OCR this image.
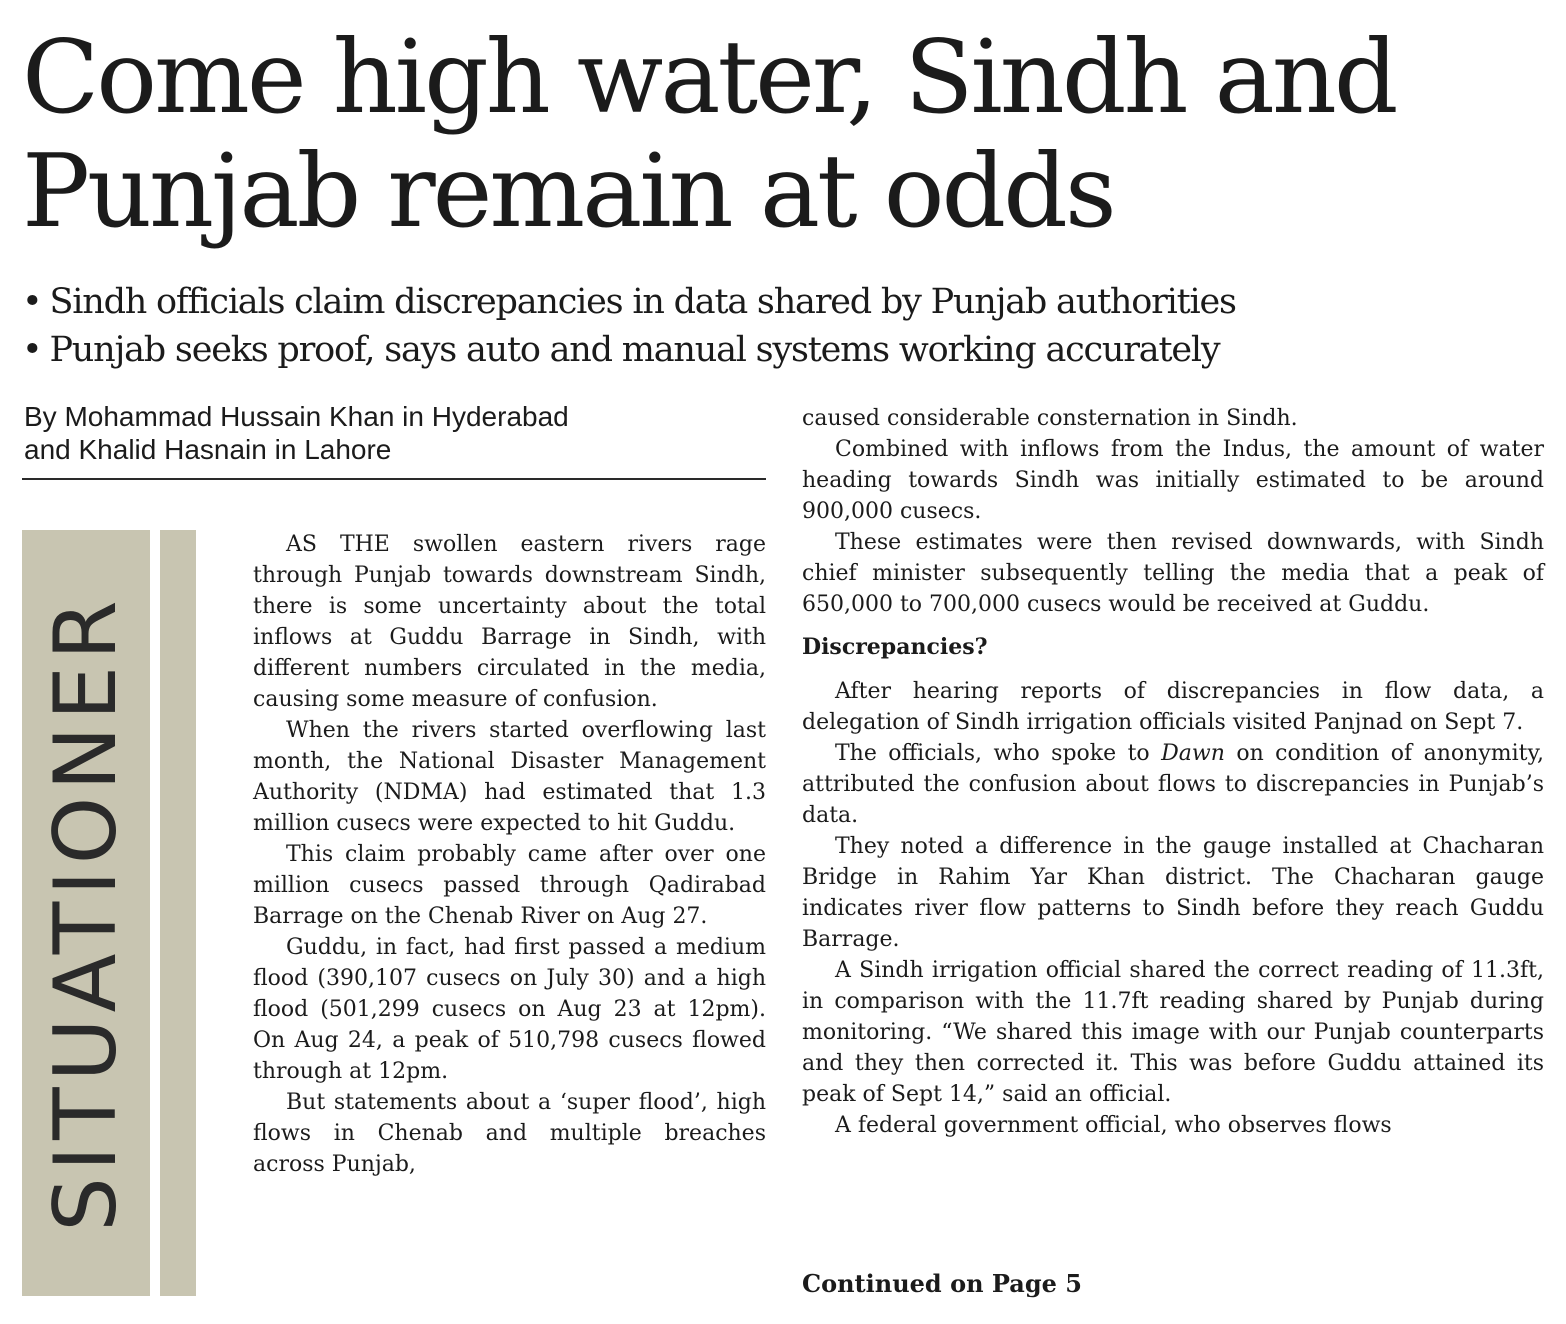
Come high water, Sindh and Punjab remain at odds
• Sindh officials claim discrepancies in data shared by Punjab authorities
• Punjab seeks proof, says auto and manual systems working accurately
By Mohammad Hussain Khan in Hyderabad
and Khalid Hasnain in Lahore
SITUATIONER

AS THE swollen eastern rivers rage through Punjab towards downstream Sindh, there is some uncertainty about the total inflows at Guddu Barrage in Sindh, with different numbers circulated in the media, causing some measure of confusion.

When the rivers started overflowing last month, the National Disaster Management Authority (NDMA) had estimated that 1.3 million cusecs were expected to hit Guddu.

This claim probably came after over one million cusecs passed through Qadirabad Barrage on the Chenab River on Aug 27.

Guddu, in fact, had first passed a medium flood (390,107 cusecs on July 30) and a high flood (501,299 cusecs on Aug 23 at 12pm). On Aug 24, a peak of 510,798 cusecs flowed through at 12pm.

But statements about a ‘super flood’, high flows in Chenab and multiple breaches across Punjab,

caused considerable consternation in Sindh.

Combined with inflows from the Indus, the amount of water heading towards Sindh was initially estimated to be around 900,000 cusecs.

These estimates were then revised downwards, with Sindh chief minister subsequently telling the media that a peak of 650,000 to 700,000 cusecs would be received at Guddu.

Discrepancies?

After hearing reports of discrepancies in flow data, a delegation of Sindh irrigation officials visited Panjnad on Sept 7.

The officials, who spoke to Dawn on condition of anonymity, attributed the confusion about flows to discrepancies in Punjab’s data.

They noted a difference in the gauge installed at Chacharan Bridge in Rahim Yar Khan district. The Chacharan gauge indicates river flow patterns to Sindh before they reach Guddu Barrage.

A Sindh irrigation official shared the correct reading of 11.3ft, in comparison with the 11.7ft reading shared by Punjab during monitoring. “We shared this image with our Punjab counterparts and they then corrected it. This was before Guddu attained its peak of Sept 14,” said an official.

A federal government official, who observes flows

Continued on Page 5
